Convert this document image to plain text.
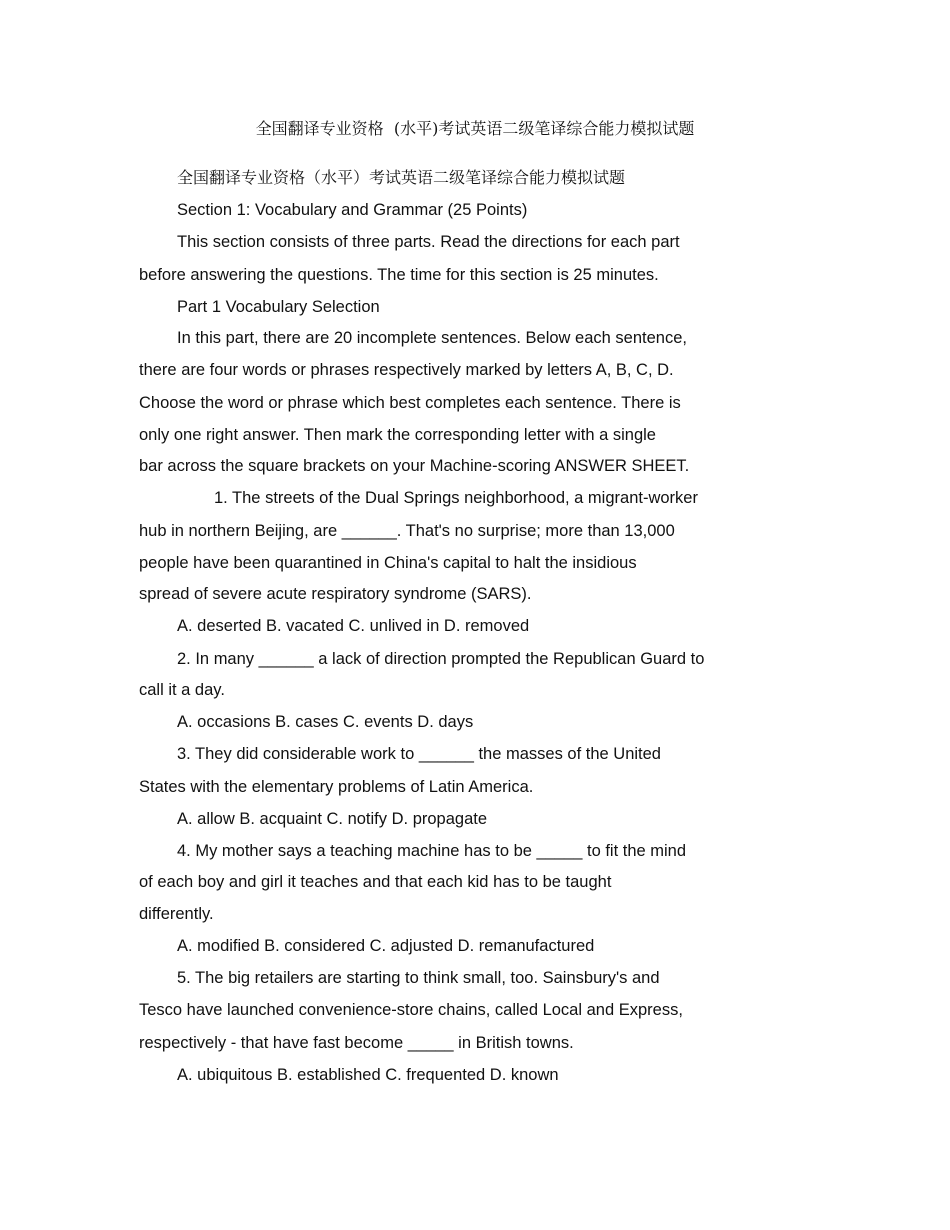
全国翻译专业资格  (水平)考试英语二级笔译综合能力模拟试题
全国翻译专业资格（水平）考试英语二级笔译综合能力模拟试题
Section 1: Vocabulary and Grammar (25 Points)
This section consists of three parts. Read the directions for each part
before answering the questions. The time for this section is 25 minutes.
Part 1 Vocabulary Selection
In this part, there are 20 incomplete sentences. Below each sentence,
there are four words or phrases respectively marked by letters A, B, C, D.
Choose the word or phrase which best completes each sentence. There is
only one right answer. Then mark the corresponding letter with a single
bar across the square brackets on your Machine-scoring ANSWER SHEET.
1. The streets of the Dual Springs neighborhood, a migrant-worker
hub in northern Beijing, are ______. That's no surprise; more than 13,000
people have been quarantined in China's capital to halt the insidious
spread of severe acute respiratory syndrome (SARS).
A. deserted B. vacated C. unlived in D. removed
2. In many ______ a lack of direction prompted the Republican Guard to
call it a day.
A. occasions B. cases C. events D. days
3. They did considerable work to ______ the masses of the United
States with the elementary problems of Latin America.
A. allow B. acquaint C. notify D. propagate
4. My mother says a teaching machine has to be _____ to fit the mind
of each boy and girl it teaches and that each kid has to be taught
differently.
A. modified B. considered C. adjusted D. remanufactured
5. The big retailers are starting to think small, too. Sainsbury's and
Tesco have launched convenience-store chains, called Local and Express,
respectively - that have fast become _____ in British towns.
A. ubiquitous B. established C. frequented D. known
